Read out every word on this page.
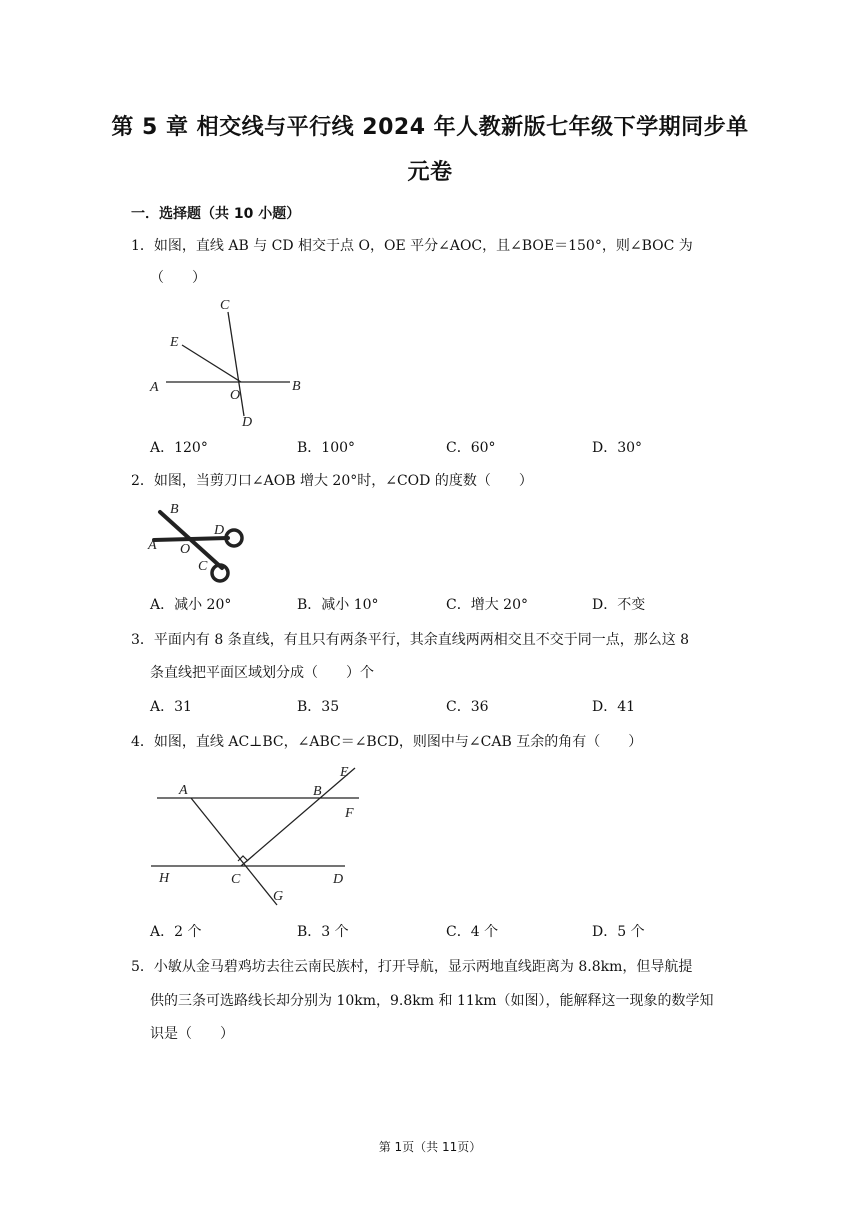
第 5 章 相交线与平行线 2024 年人教新版七年级下学期同步单
元卷
一．选择题（共 10 小题）
1．如图，直线 AB 与 CD 相交于点 O，OE 平分∠AOC，且∠BOE＝150°，则∠BOC 为
（　　）
C
E
A
O
B
D
A．120°	B．100°	C．60°	D．30°
2．如图，当剪刀口∠AOB 增大 20°时，∠COD 的度数（　　）
B
D
A O
C
A．减小 20°	B．减小 10°	C．增大 20°	D．不变
3．平面内有 8 条直线，有且只有两条平行，其余直线两两相交且不交于同一点，那么这 8
条直线把平面区域划分成（　　）个
A．31	B．35	C．36	D．41
4．如图，直线 AC⊥BC，∠ABC＝∠BCD，则图中与∠CAB 互余的角有（　　）
A	B
E
F
H	C	D
G
A．2 个	B．3 个	C．4 个	D．5 个
5．小敏从金马碧鸡坊去往云南民族村，打开导航，显示两地直线距离为 8.8km，但导航提
供的三条可选路线长却分别为 10km，9.8km 和 11km（如图），能解释这一现象的数学知
识是（　　）
第 1页（共 11页）
